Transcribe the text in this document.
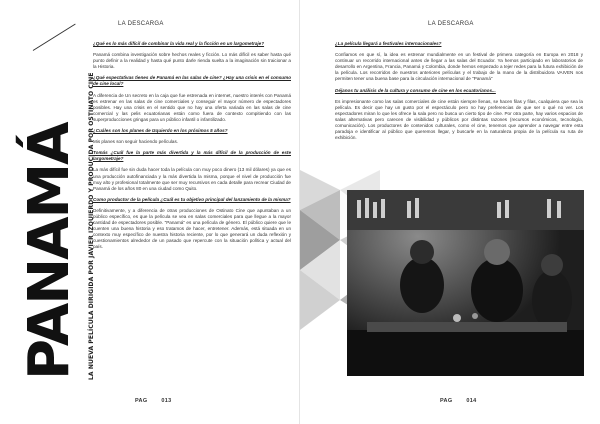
LA DESCARGA
PANAMÁ	LA NUEVA PELÍCULA DIRIGIDA POR JAVIER IZQUIERDO Y PRODUCIDA POR OSTINATO CINE

¿Qué es lo más difícil de combinar la vida real y la ficción en un largometraje?

Panamá combina investigación sobre hechos reales y ficción. Lo más difícil es saber hasta qué punto definir a la realidad y hasta qué punto darle rienda suelta a la imaginación sin traicionar a la Historia.

¿Qué expectativas tienes de Panamá en las salas de cine? ¿Hay una crisis en el consumo de cine local?

A diferencia de Un secreto en la caja que fue estrenada en internet, nuestro interés con Panamá es estrenar en las salas de cine comerciales y conseguir el mayor número de espectadores posibles. Hay una crisis en el sentido que no hay una oferta variada en las salas de cine comercial y las pelis ecuatorianas están como fuera de contexto compitiendo con las superproducciones gringas para un público infantil o infantilizado.

¿Cuáles son los planes de Izquierdo en los próximos 5 años?

Mis planes son seguir haciendo películas.

Tomás ¿Cuál fue la parte más divertida y la más difícil de la producción de este largometraje?

La más difícil fue sin duda hacer toda la película con muy poco dinero (13 mil dólares) ya que es una producción autofinanciada y la más divertida la misma, porque el nivel de producción fue muy alto y profesional totalmente que ser muy recursivos en cada detalle para recrear Ciudad de Panamá de los años 80 en una ciudad como Quito.

Como productor de la película ¿Cuál es tu objetivo principal del lanzamiento de la misma?

Definitivamente, y a diferencia de otras producciones de Ostinato Cine que apuntaban a un público específico, es que la película se vea en salas comerciales para que llegue a la mayor cantidad de espectadores posible. "Panamá" es una película de género. El público quiere que le cuenten una buena historia y eso tratamos de hacer, entretener. Además, está situada en un contexto muy específico de nuestra historia reciente, por lo que generará un duda reflexión y cuestionamientos alrededor de un pasado que repercute con la situación política y actual del país.

PAG	013
LA DESCARGA

¿La película llegará a festivales internacionales?

Confiamos en que sí, la idea es estrenar mundialmente en un festival de primera categoría en Europa en 2018 y continuar un recorrido internacional antes de llegar a las salas del Ecuador. Ya hemos participado en laboratorios de desarrollo en Argentina, Francia, Panamá y Colombia, donde hemos empezado a tejer redes para la futura exhibición de la película. Los recorridos de nuestros anteriores películas y el trabajo de la mano de la distribuidora VAIVEN nos permiten tener una buena base para la circulación internacional de "Panamá"

Déjanos tu análisis de la cultura y consumo de cine en los ecuatorianos...

Es impresionante como las salas comerciales de cine están siempre llenas, se hacen filas y filas, cualquiera que sea la película. Es decir que hay un gusto por el espectáculo pero no hay preferencias de que ser o qué no ver. Los espectadores miran lo que les ofrece la sala pero no busca un cierto tipo de cine. Por otra parte, hay varios espacios de salas alternativas pero carecen de visibilidad y públicos por distintas razones (recursos económicos, tecnología, comunicación). Los productores de contenidos culturales, como el cine, tenemos que aprender a navegar entre esta paradoja e identificar al público que queremos llegar, y buscarle en la naturaleza propia de la película su ruta de exhibición.

PAG	014
